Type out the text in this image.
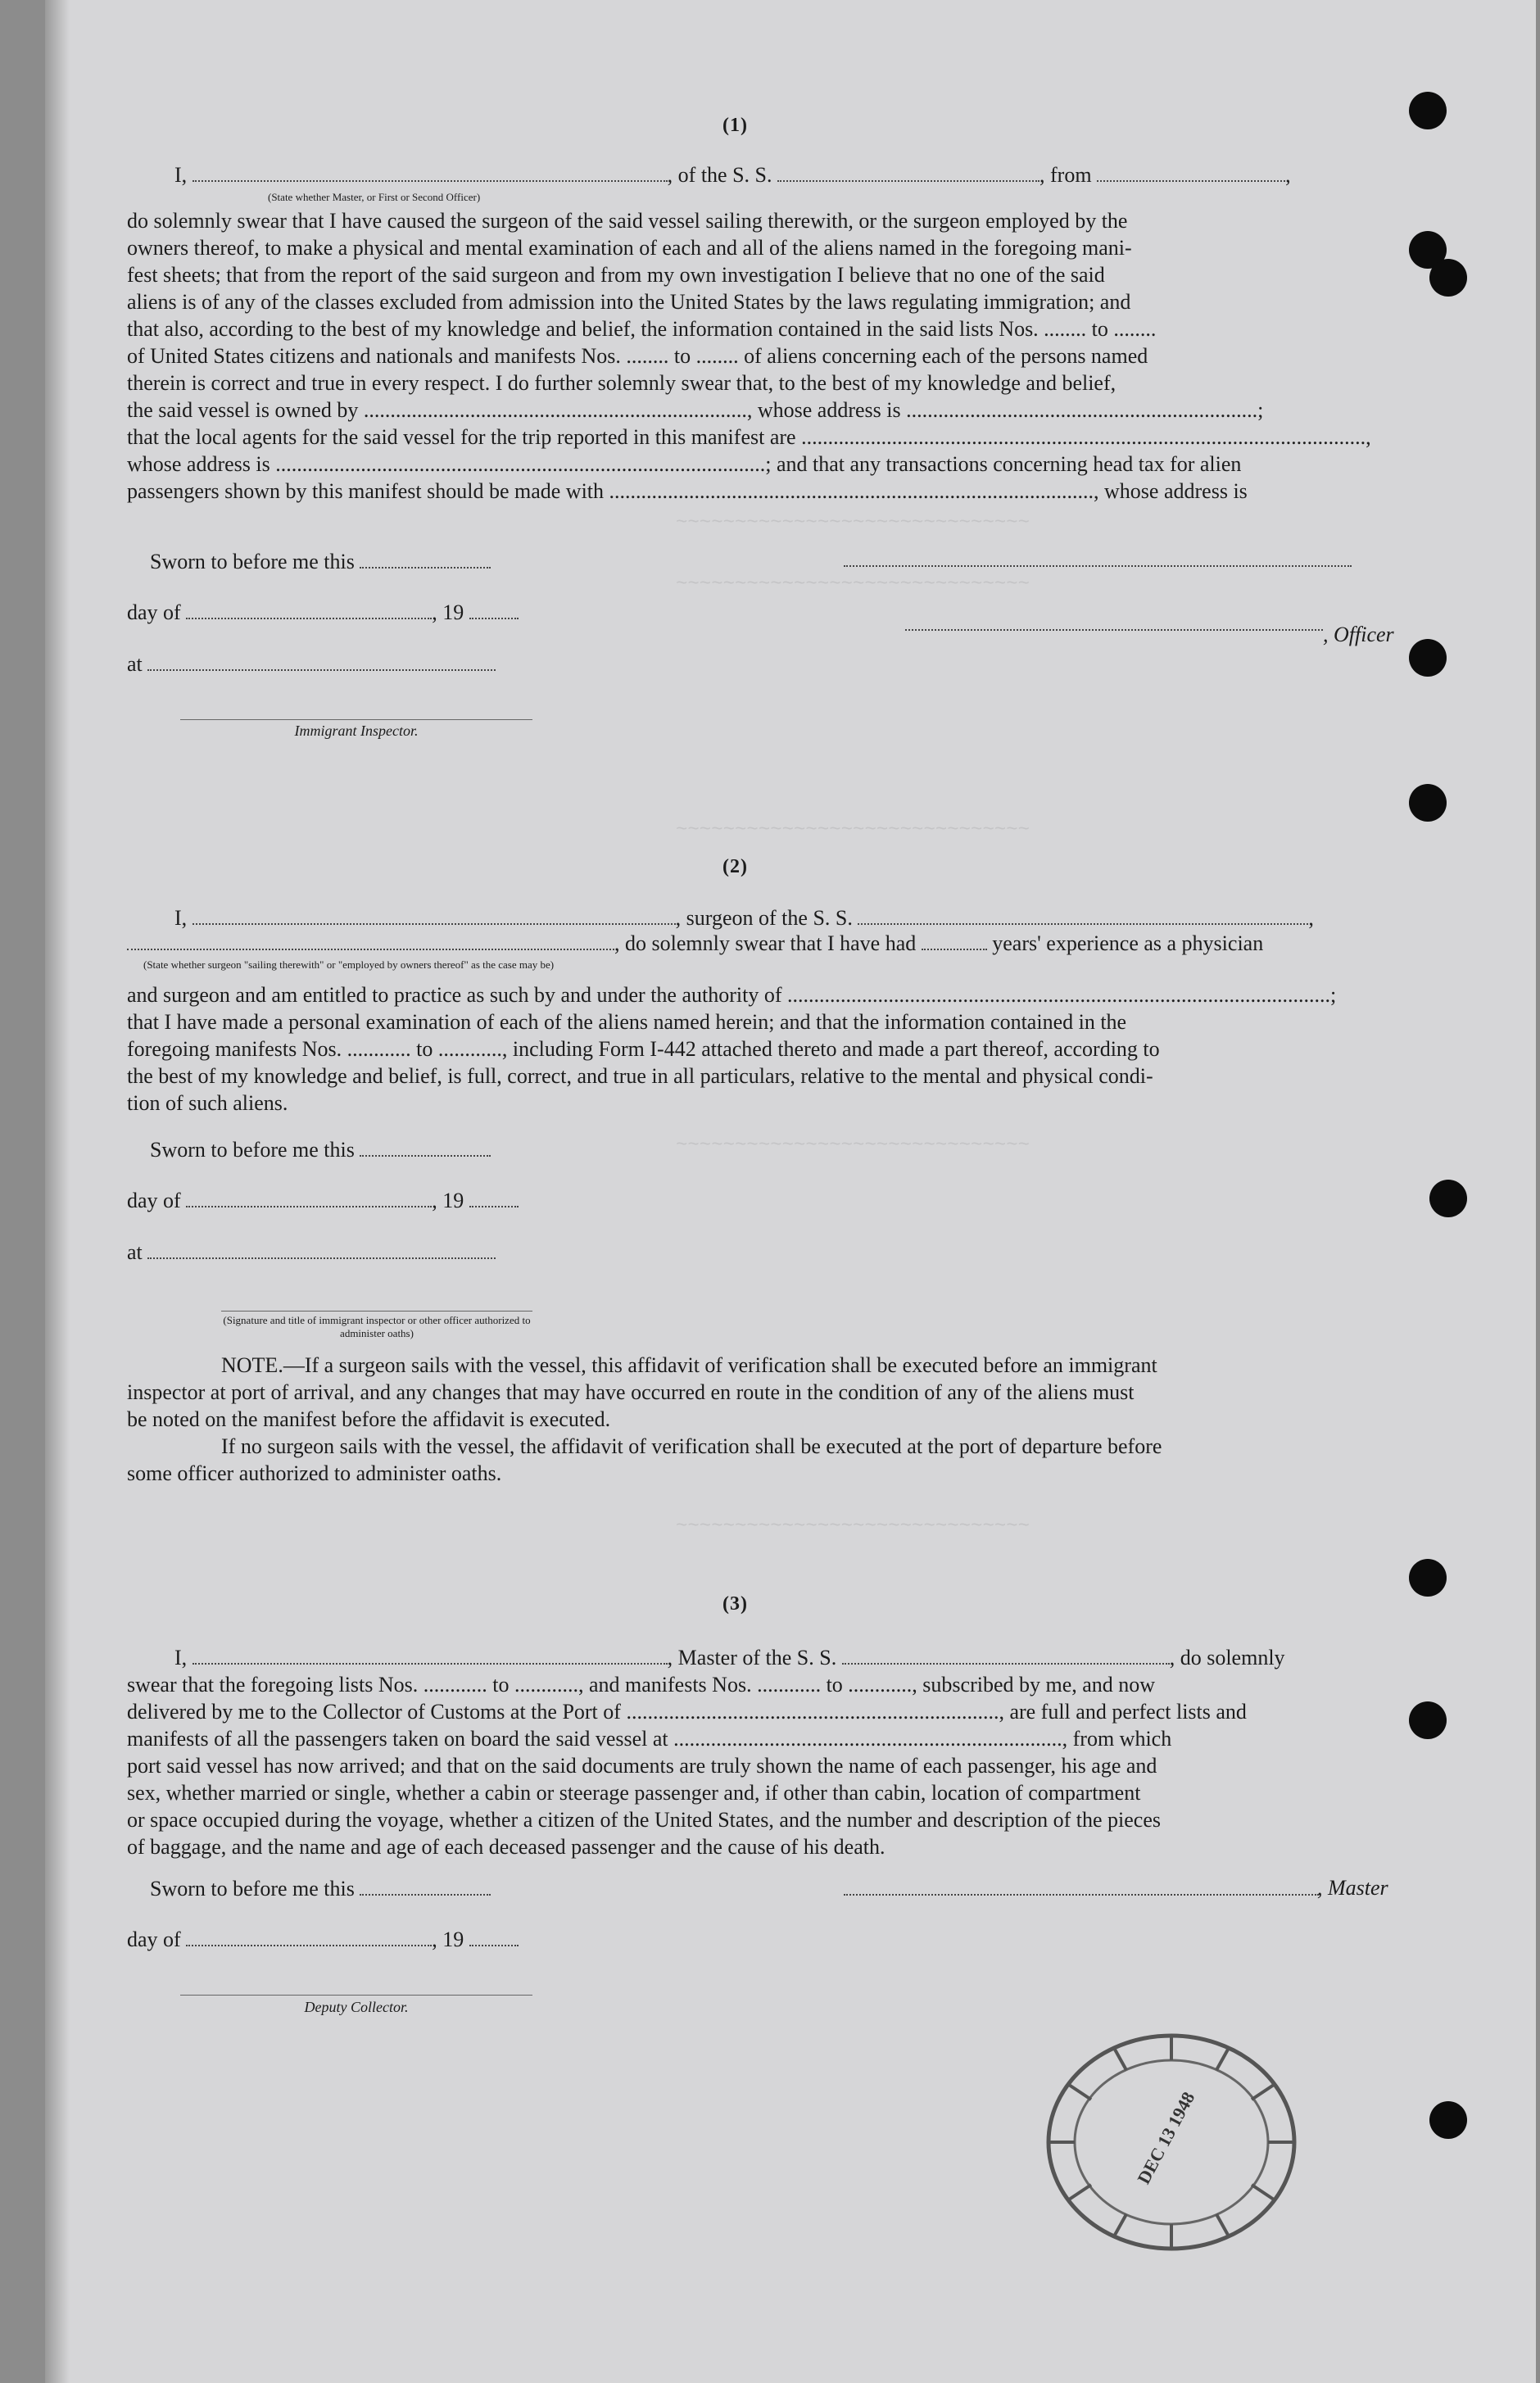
~~~~~~~~~~~~~~~~~~~~~~~~~~~~~~
~~~~~~~~~~~~~~~~~~~~~~~~~~~~~~
~~~~~~~~~~~~~~~~~~~~~~~~~~~~~~
~~~~~~~~~~~~~~~~~~~~~~~~~~~~~~
~~~~~~~~~~~~~~~~~~~~~~~~~~~~~~
(1)
I,	, of the S. S.	, from	,
(State whether Master, or First or Second Officer)
do solemnly swear that I have caused the surgeon of the said vessel sailing therewith, or the surgeon employed by the
owners thereof, to make a physical and mental examination of each and all of the aliens named in the foregoing mani-
fest sheets; that from the report of the said surgeon and from my own investigation I believe that no one of the said
aliens is of any of the classes excluded from admission into the United States by the laws regulating immigration; and
that also, according to the best of my knowledge and belief, the information contained in the said lists Nos. ........ to ........
of United States citizens and nationals and manifests Nos. ........ to ........ of aliens concerning each of the persons named
therein is correct and true in every respect. I do further solemnly swear that, to the best of my knowledge and belief,
the said vessel is owned by ........................................................................, whose address is ..................................................................;
that the local agents for the said vessel for the trip reported in this manifest are ..........................................................................................................,
whose address is ............................................................................................; and that any transactions concerning head tax for alien
passengers shown by this manifest should be made with ..........................................................................................., whose address is
Sworn to before me this
day of	, 19
, Officer
at
Immigrant Inspector.
(2)
I,	, surgeon of the S. S.	,
, do solemnly swear that I have had	years' experience as a physician
(State whether surgeon "sailing therewith" or "employed by owners thereof" as the case may be)
and surgeon and am entitled to practice as such by and under the authority of ......................................................................................................;
that I have made a personal examination of each of the aliens named herein; and that the information contained in the
foregoing manifests Nos. ............ to ............, including Form I-442 attached thereto and made a part thereof, according to
the best of my knowledge and belief, is full, correct, and true in all particulars, relative to the mental and physical condi-
tion of such aliens.
Sworn to before me this
day of	, 19
at
(Signature and title of immigrant inspector or other officer authorized to administer oaths)
NOTE.—If a surgeon sails with the vessel, this affidavit of verification shall be executed before an immigrant
inspector at port of arrival, and any changes that may have occurred en route in the condition of any of the aliens must
be noted on the manifest before the affidavit is executed.
If no surgeon sails with the vessel, the affidavit of verification shall be executed at the port of departure before
some officer authorized to administer oaths.
(3)
I,	, Master of the S. S.	, do solemnly
swear that the foregoing lists Nos. ............ to ............, and manifests Nos. ............ to ............, subscribed by me, and now
delivered by me to the Collector of Customs at the Port of ......................................................................, are full and perfect lists and
manifests of all the passengers taken on board the said vessel at ........................................................................., from which
port said vessel has now arrived; and that on the said documents are truly shown the name of each passenger, his age and
sex, whether married or single, whether a cabin or steerage passenger and, if other than cabin, location of compartment
or space occupied during the voyage, whether a citizen of the United States, and the number and description of the pieces
of baggage, and the name and age of each deceased passenger and the cause of his death.
Sworn to before me this	, Master
day of	, 19
Deputy Collector.
DEC 13 1948
